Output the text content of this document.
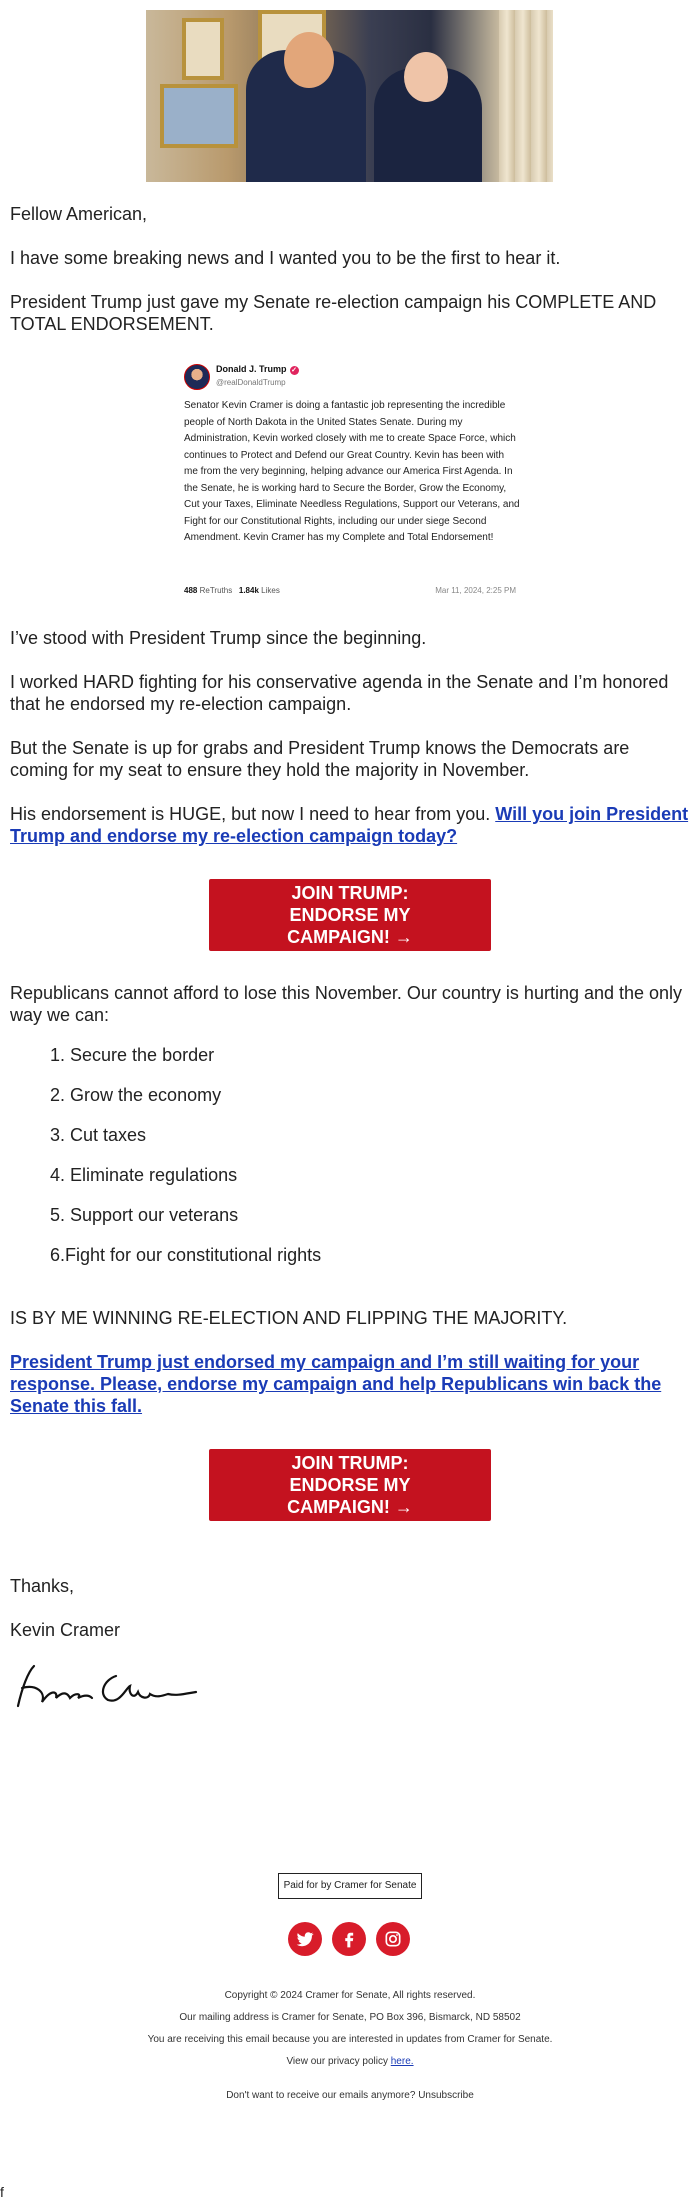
Fellow American,

I have some breaking news and I wanted you to be the first to hear it.

President Trump just gave my Senate re-election campaign his COMPLETE AND TOTAL ENDORSEMENT.

Donald J. Trump ✓
@realDonaldTrump
Senator Kevin Cramer is doing a fantastic job representing the incredible people of North Dakota in the United States Senate. During my Administration, Kevin worked closely with me to create Space Force, which continues to Protect and Defend our Great Country. Kevin has been with me from the very beginning, helping advance our America First Agenda. In the Senate, he is working hard to Secure the Border, Grow the Economy, Cut your Taxes, Eliminate Needless Regulations, Support our Veterans, and Fight for our Constitutional Rights, including our under siege Second Amendment. Kevin Cramer has my Complete and Total Endorsement!
488 ReTruths 1.84k Likes	Mar 11, 2024, 2:25 PM

I’ve stood with President Trump since the beginning.

I worked HARD fighting for his conservative agenda in the Senate and I’m honored that he endorsed my re-election campaign.

But the Senate is up for grabs and President Trump knows the Democrats are coming for my seat to ensure they hold the majority in November.

His endorsement is HUGE, but now I need to hear from you. Will you join President Trump and endorse my re-election campaign today?

JOIN TRUMP: ENDORSE MY CAMPAIGN! →

Republicans cannot afford to lose this November. Our country is hurting and the only way we can:

1. Secure the border
2. Grow the economy
3. Cut taxes
4. Eliminate regulations
5. Support our veterans
6.Fight for our constitutional rights

IS BY ME WINNING RE-ELECTION AND FLIPPING THE MAJORITY.

President Trump just endorsed my campaign and I’m still waiting for your response. Please, endorse my campaign and help Republicans win back the Senate this fall.

JOIN TRUMP: ENDORSE MY CAMPAIGN! →

Thanks,

Kevin Cramer

Paid for by Cramer for Senate
Copyright © 2024 Cramer for Senate, All rights reserved.
Our mailing address is Cramer for Senate, PO Box 396, Bismarck, ND 58502
You are receiving this email because you are interested in updates from Cramer for Senate.
View our privacy policy here.
Don't want to receive our emails anymore? Unsubscribe
f
